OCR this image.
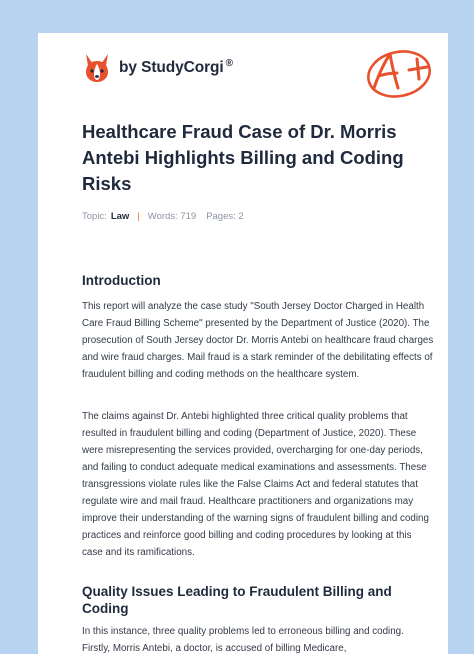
by StudyCorgi ®
A+
Healthcare Fraud Case of Dr. Morris Antebi Highlights Billing and Coding Risks
Topic: Law | Words: 719 Pages: 2
Introduction

This report will analyze the case study "South Jersey Doctor Charged in Health Care Fraud Billing Scheme" presented by the Department of Justice (2020). The prosecution of South Jersey doctor Dr. Morris Antebi on healthcare fraud charges and wire fraud charges. Mail fraud is a stark reminder of the debilitating effects of fraudulent billing and coding methods on the healthcare system.

The claims against Dr. Antebi highlighted three critical quality problems that resulted in fraudulent billing and coding (Department of Justice, 2020). These were misrepresenting the services provided, overcharging for one-day periods, and failing to conduct adequate medical examinations and assessments. These transgressions violate rules like the False Claims Act and federal statutes that regulate wire and mail fraud. Healthcare practitioners and organizations may improve their understanding of the warning signs of fraudulent billing and coding practices and reinforce good billing and coding procedures by looking at this case and its ramifications.

Quality Issues Leading to Fraudulent Billing and Coding

In this instance, three quality problems led to erroneous billing and coding. Firstly, Morris Antebi, a doctor, is accused of billing Medicare,
